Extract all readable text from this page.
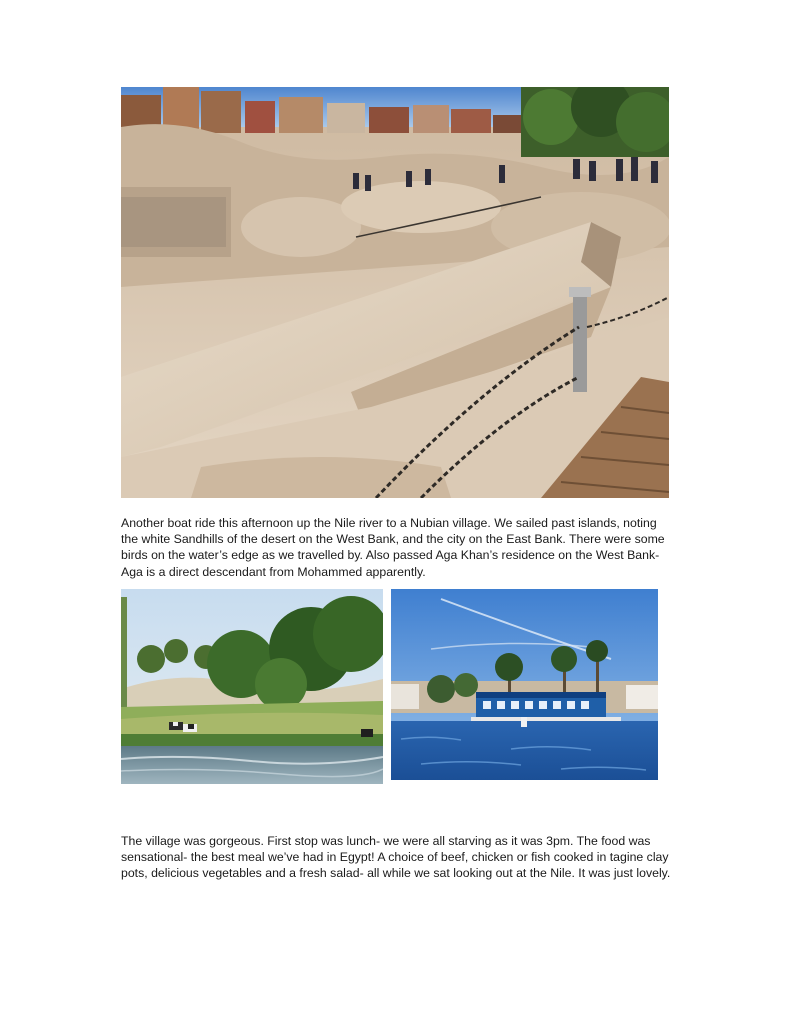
Another boat ride this afternoon up the Nile river to a Nubian village. We sailed past islands, noting the white Sandhills of the desert on the West Bank, and the city on the East Bank. There were some birds on the water’s edge as we travelled by. Also passed Aga Khan’s residence on the West Bank- Aga is a direct descendant from Mohammed apparently.

The village was gorgeous. First stop was lunch- we were all starving as it was 3pm. The food was sensational- the best meal we’ve had in Egypt! A choice of beef, chicken or fish cooked in tagine clay pots, delicious vegetables and a fresh salad- all while we sat looking out at the Nile. It was just lovely.
